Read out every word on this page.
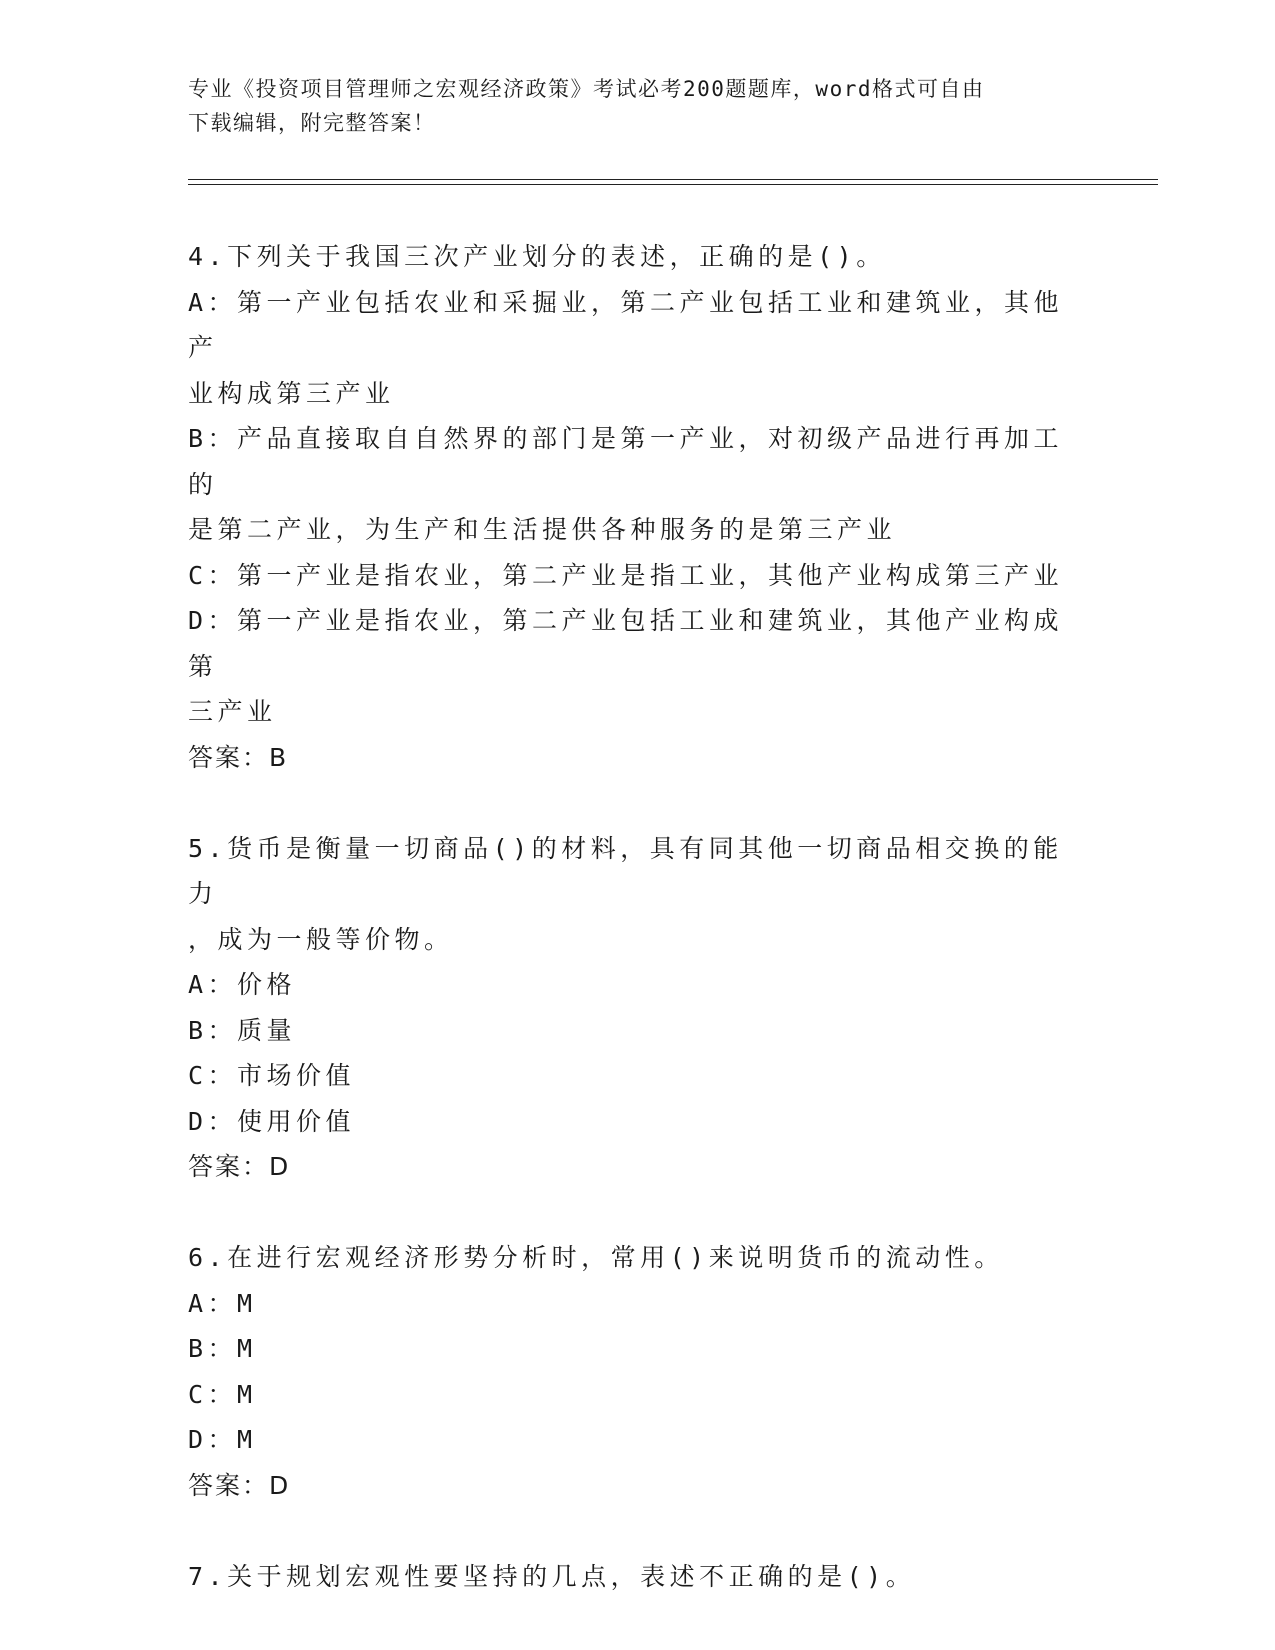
专业《投资项目管理师之宏观经济政策》考试必考200题题库，word格式可自由
下载编辑，附完整答案！
4.下列关于我国三次产业划分的表述，正确的是()。
A：第一产业包括农业和采掘业，第二产业包括工业和建筑业，其他产
业构成第三产业
B：产品直接取自自然界的部门是第一产业，对初级产品进行再加工的
是第二产业，为生产和生活提供各种服务的是第三产业
C：第一产业是指农业，第二产业是指工业，其他产业构成第三产业
D：第一产业是指农业，第二产业包括工业和建筑业，其他产业构成第
三产业
答案：B
5.货币是衡量一切商品()的材料，具有同其他一切商品相交换的能力
，成为一般等价物。
A：价格
B：质量
C：市场价值
D：使用价值
答案：D
6.在进行宏观经济形势分析时，常用()来说明货币的流动性。
A：M
B：M
C：M
D：M
答案：D
7.关于规划宏观性要坚持的几点，表述不正确的是()。
